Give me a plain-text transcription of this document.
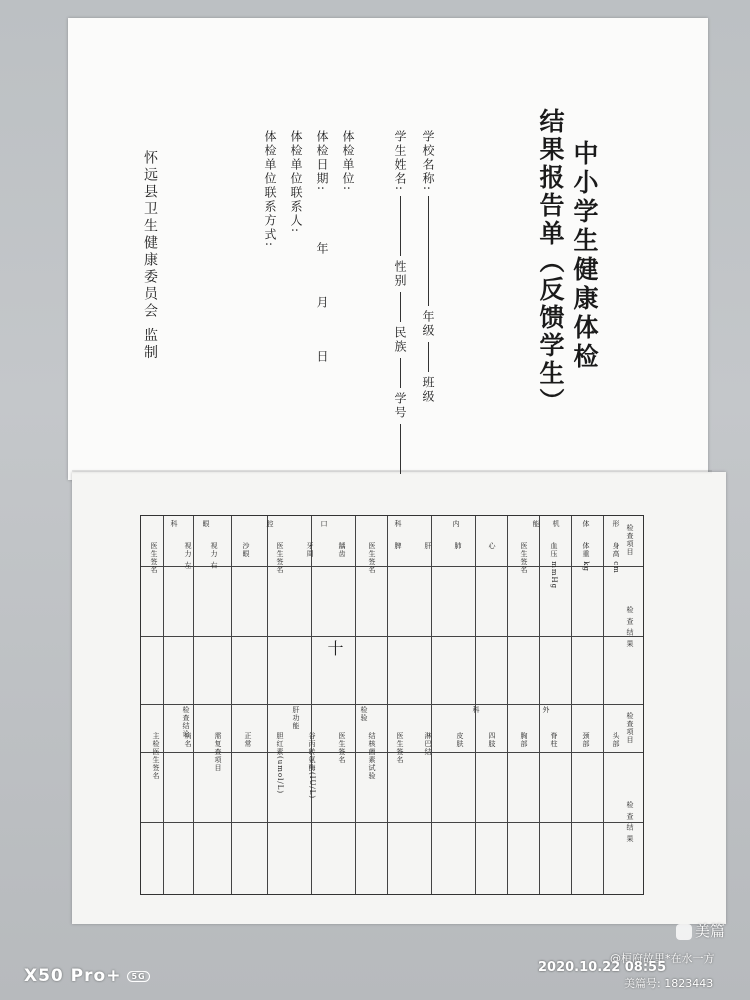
中小学生健康体检
结果报告单（反馈学生）
学校名称:年级班级
学生姓名:性别民族学号
体检单位:
体检日期:年月日
体检单位联系人:
体检单位联系方式:
怀远县卫生健康委员会 监制
检查项目
检 查 结 果
检查项目
检 查 结 果
形
体
机
能
内
科
口
腔
眼
科
身高 cm
体重 kg
血压 mmHg
医生签名
心
肺
肝
脾
医生签名
龋齿
牙周
医生签名
沙眼
视力 右
视力 左
医生签名
十
外
科
检验
肝功能
检查结论
头部
颈部
脊柱
胸部
四肢
皮肤
淋巴结
医生签名
结核菌素试验
医生签名
谷丙转氨酶(IU/L)
胆红素(umol/L)
正常
需复查项目
病名
主检医生签名
美篇
@桓府故里*在水一方
美篇号: 1823443
X50 Pro+ 5G
2020.10.22 08:55
